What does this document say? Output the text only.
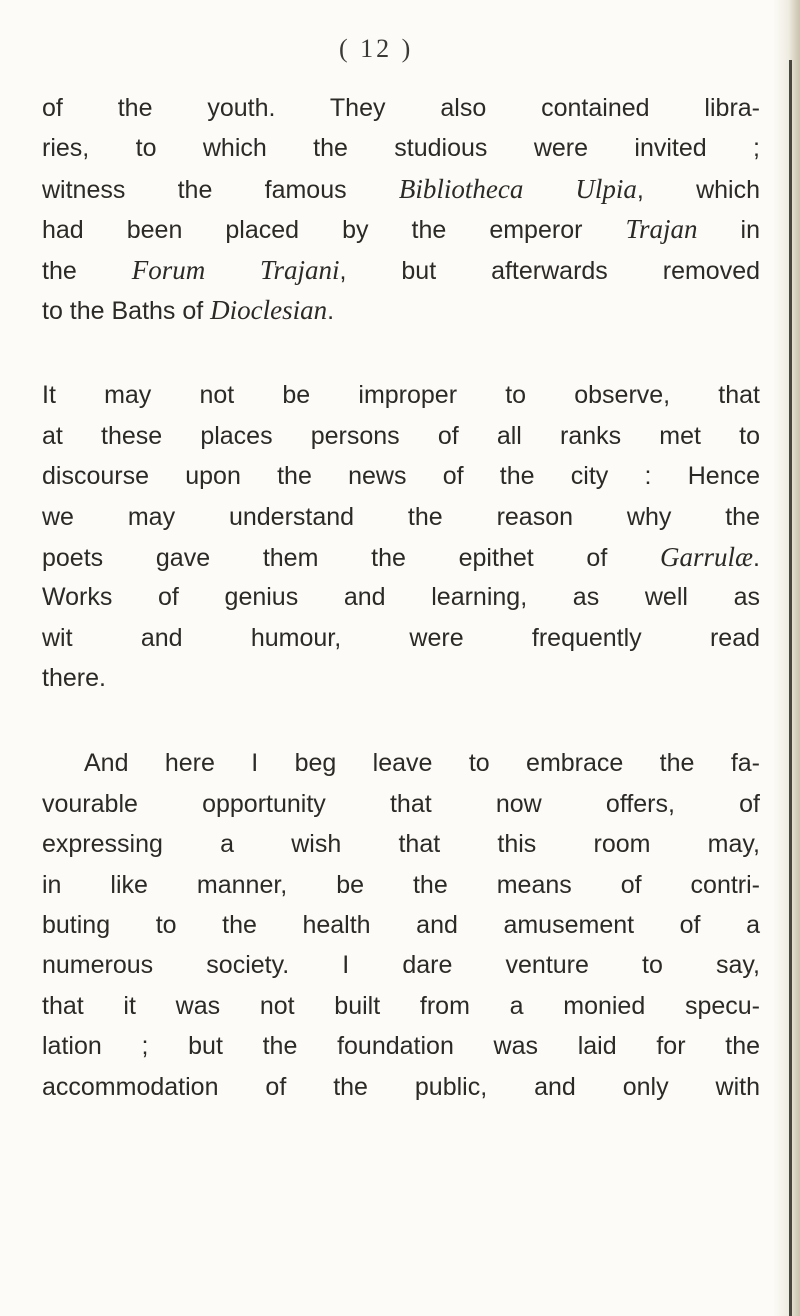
( 12 )

of the youth. They also contained libra-

ries, to which the studious were invited ;

witness the famous Bibliotheca Ulpia, which

had been placed by the emperor Trajan in

the Forum Trajani, but afterwards removed

to the Baths of Dioclesian.

It may not be improper to observe, that

at these places persons of all ranks met to

discourse upon the news of the city : Hence

we may understand the reason why the

poets gave them the epithet of Garrulæ.

Works of genius and learning, as well as

wit and humour, were frequently read

there.

And here I beg leave to embrace the fa-

vourable opportunity that now offers, of

expressing a wish that this room may,

in like manner, be the means of contri-

buting to the health and amusement of a

numerous society. I dare venture to say,

that it was not built from a monied specu-

lation ; but the foundation was laid for the

accommodation of the public, and only with
